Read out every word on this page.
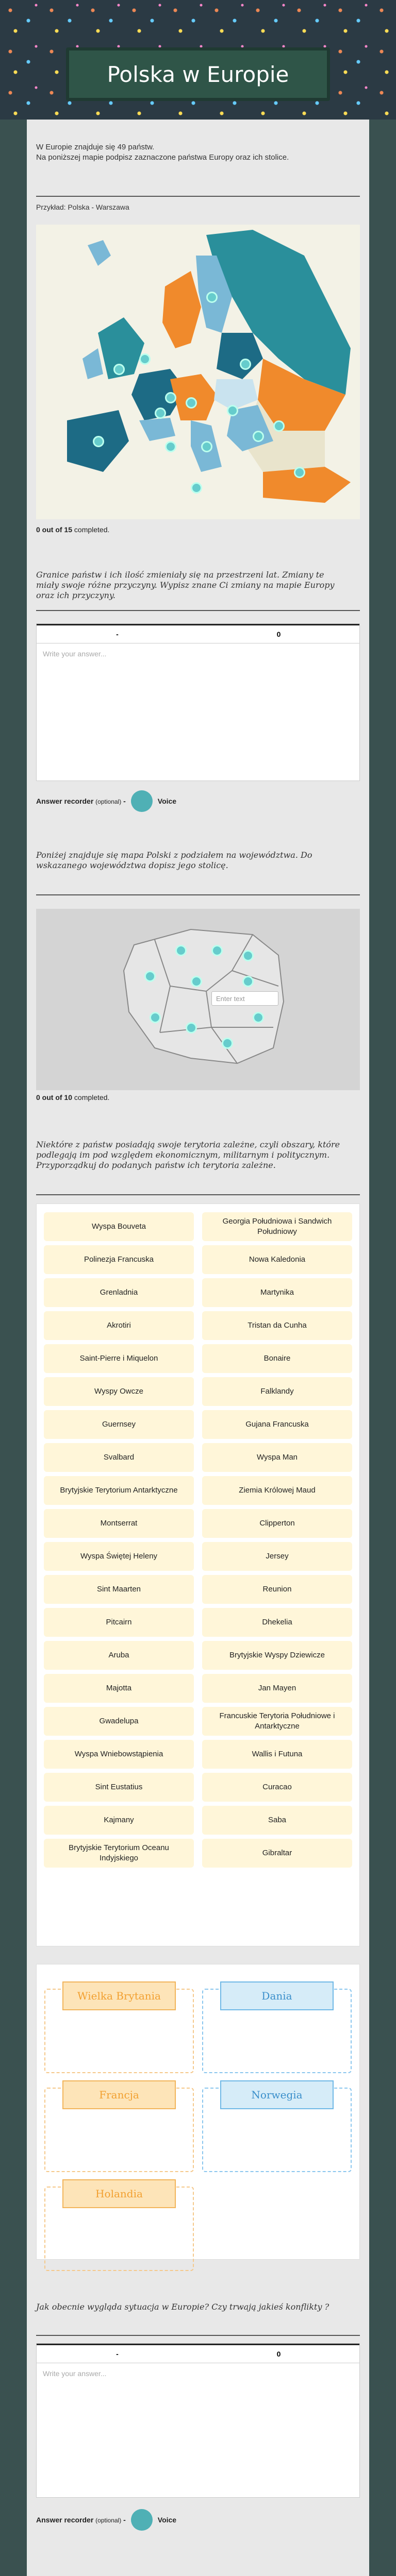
Polska w Europie
W Europie znajduje się 49 państw.
Na poniższej mapie podpisz zaznaczone państwa Europy oraz ich stolice.
Przykład: Polska - Warszawa
0 out of 15 completed.
Granice państw i ich ilość zmieniały się na przestrzeni lat. Zmiany te miały swoje różne przyczyny. Wypisz znane Ci zmiany na mapie Europy oraz ich przyczyny.
-	0
Write your answer...
Answer recorder (optional) -	Voice
Poniżej znajduje się mapa Polski z podziałem na województwa. Do wskazanego województwa dopisz jego stolicę.
Enter text
0 out of 10 completed.
Niektóre z państw posiadają swoje terytoria zależne, czyli obszary, które podlegają im pod względem ekonomicznym, militarnym i politycznym. Przyporządkuj do podanych państw ich terytoria zależne.
Wyspa Bouveta
Georgia Południowa i Sandwich Południowy
Polinezja Francuska	Nowa Kaledonia
Grenladnia	Martynika
Akrotiri	Tristan da Cunha
Saint-Pierre i Miquelon	Bonaire
Wyspy Owcze	Falklandy
Guernsey	Gujana Francuska
Svalbard	Wyspa Man
Brytyjskie Terytorium Antarktyczne	Ziemia Królowej Maud
Montserrat	Clipperton
Wyspa Świętej Heleny	Jersey
Sint Maarten	Reunion
Pitcairn	Dhekelia
Aruba	Brytyjskie Wyspy Dziewicze
Majotta	Jan Mayen
Gwadelupa
Francuskie Terytoria Południowe i Antarktyczne
Wyspa Wniebowstąpienia	Wallis i Futuna
Sint Eustatius	Curacao
Kajmany	Saba
Brytyjskie Terytorium Oceanu Indyjskiego
Gibraltar
Wielka Brytania	Dania
Francja	Norwegia
Holandia
Jak obecnie wygląda sytuacja w Europie? Czy trwają jakieś konflikty ?
-	0
Write your answer...
Answer recorder (optional) -	Voice
